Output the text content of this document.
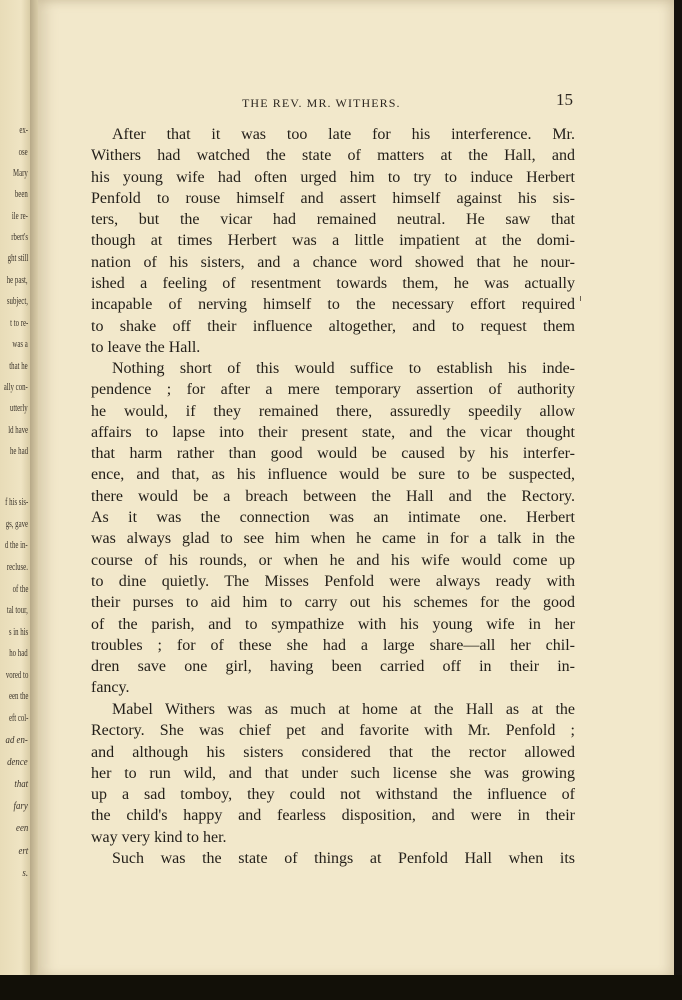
ex-
ose
Mary
been
ile re-
rbert's
ght still
he past,
subject,
t to re-
was a
that he
ally con-
utterly
ld have
he had
f his sis-
gs, gave
d the in-
recluse.
of the
tal tour,
s in his
ho had
vored to
een the
eft col-
ad en-
dence
that
fary
een
ert
s.
THE REV. MR. WITHERS.	15
After that it was too late for his interference. Mr.
Withers had watched the state of matters at the Hall, and
his young wife had often urged him to try to induce Herbert
Penfold to rouse himself and assert himself against his sis-
ters, but the vicar had remained neutral. He saw that
though at times Herbert was a little impatient at the domi-
nation of his sisters, and a chance word showed that he nour-
ished a feeling of resentment towards them, he was actually
incapable of nerving himself to the necessary effort required
to shake off their influence altogether, and to request them
to leave the Hall.
Nothing short of this would suffice to establish his inde-
pendence ; for after a mere temporary assertion of authority
he would, if they remained there, assuredly speedily allow
affairs to lapse into their present state, and the vicar thought
that harm rather than good would be caused by his interfer-
ence, and that, as his influence would be sure to be suspected,
there would be a breach between the Hall and the Rectory.
As it was the connection was an intimate one. Herbert
was always glad to see him when he came in for a talk in the
course of his rounds, or when he and his wife would come up
to dine quietly. The Misses Penfold were always ready with
their purses to aid him to carry out his schemes for the good
of the parish, and to sympathize with his young wife in her
troubles ; for of these she had a large share—all her chil-
dren save one girl, having been carried off in their in-
fancy.
Mabel Withers was as much at home at the Hall as at the
Rectory. She was chief pet and favorite with Mr. Penfold ;
and although his sisters considered that the rector allowed
her to run wild, and that under such license she was growing
up a sad tomboy, they could not withstand the influence of
the child's happy and fearless disposition, and were in their
way very kind to her.
Such was the state of things at Penfold Hall when its
